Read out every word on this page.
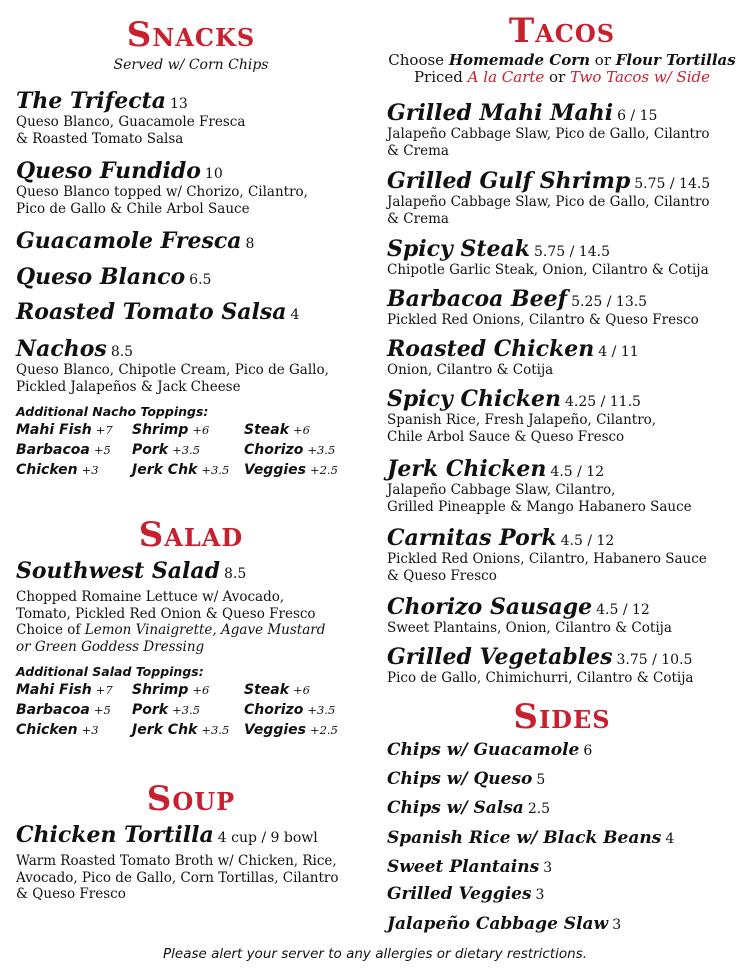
Snacks
Served w/ Corn Chips
The Trifecta 13
Queso Blanco, Guacamole Fresca
& Roasted Tomato Salsa
Queso Fundido 10
Queso Blanco topped w/ Chorizo, Cilantro,
Pico de Gallo & Chile Arbol Sauce
Guacamole Fresca 8
Queso Blanco 6.5
Roasted Tomato Salsa 4
Nachos 8.5
Queso Blanco, Chipotle Cream, Pico de Gallo,
Pickled Jalapeños & Jack Cheese
Additional Nacho Toppings:
Mahi Fish +7	Shrimp +6	Steak +6
Barbacoa +5	Pork +3.5	Chorizo +3.5
Chicken +3	Jerk Chk +3.5	Veggies +2.5
Salad
Southwest Salad 8.5
Chopped Romaine Lettuce w/ Avocado,
Tomato, Pickled Red Onion & Queso Fresco
Choice of Lemon Vinaigrette, Agave Mustard
or Green Goddess Dressing
Additional Salad Toppings:
Mahi Fish +7	Shrimp +6	Steak +6
Barbacoa +5	Pork +3.5	Chorizo +3.5
Chicken +3	Jerk Chk +3.5	Veggies +2.5
Soup
Chicken Tortilla 4 cup / 9 bowl
Warm Roasted Tomato Broth w/ Chicken, Rice,
Avocado, Pico de Gallo, Corn Tortillas, Cilantro
& Queso Fresco
Tacos
Choose Homemade Corn or Flour Tortillas
Priced A la Carte or Two Tacos w/ Side
Grilled Mahi Mahi 6 / 15
Jalapeño Cabbage Slaw, Pico de Gallo, Cilantro
& Crema
Grilled Gulf Shrimp 5.75 / 14.5
Jalapeño Cabbage Slaw, Pico de Gallo, Cilantro
& Crema
Spicy Steak 5.75 / 14.5
Chipotle Garlic Steak, Onion, Cilantro & Cotija
Barbacoa Beef 5.25 / 13.5
Pickled Red Onions, Cilantro & Queso Fresco
Roasted Chicken 4 / 11
Onion, Cilantro & Cotija
Spicy Chicken 4.25 / 11.5
Spanish Rice, Fresh Jalapeño, Cilantro,
Chile Arbol Sauce & Queso Fresco
Jerk Chicken 4.5 / 12
Jalapeño Cabbage Slaw, Cilantro,
Grilled Pineapple & Mango Habanero Sauce
Carnitas Pork 4.5 / 12
Pickled Red Onions, Cilantro, Habanero Sauce
& Queso Fresco
Chorizo Sausage 4.5 / 12
Sweet Plantains, Onion, Cilantro & Cotija
Grilled Vegetables 3.75 / 10.5
Pico de Gallo, Chimichurri, Cilantro & Cotija
Sides
Chips w/ Guacamole 6
Chips w/ Queso 5
Chips w/ Salsa 2.5
Spanish Rice w/ Black Beans 4
Sweet Plantains 3
Grilled Veggies 3
Jalapeño Cabbage Slaw 3
Please alert your server to any allergies or dietary restrictions.
